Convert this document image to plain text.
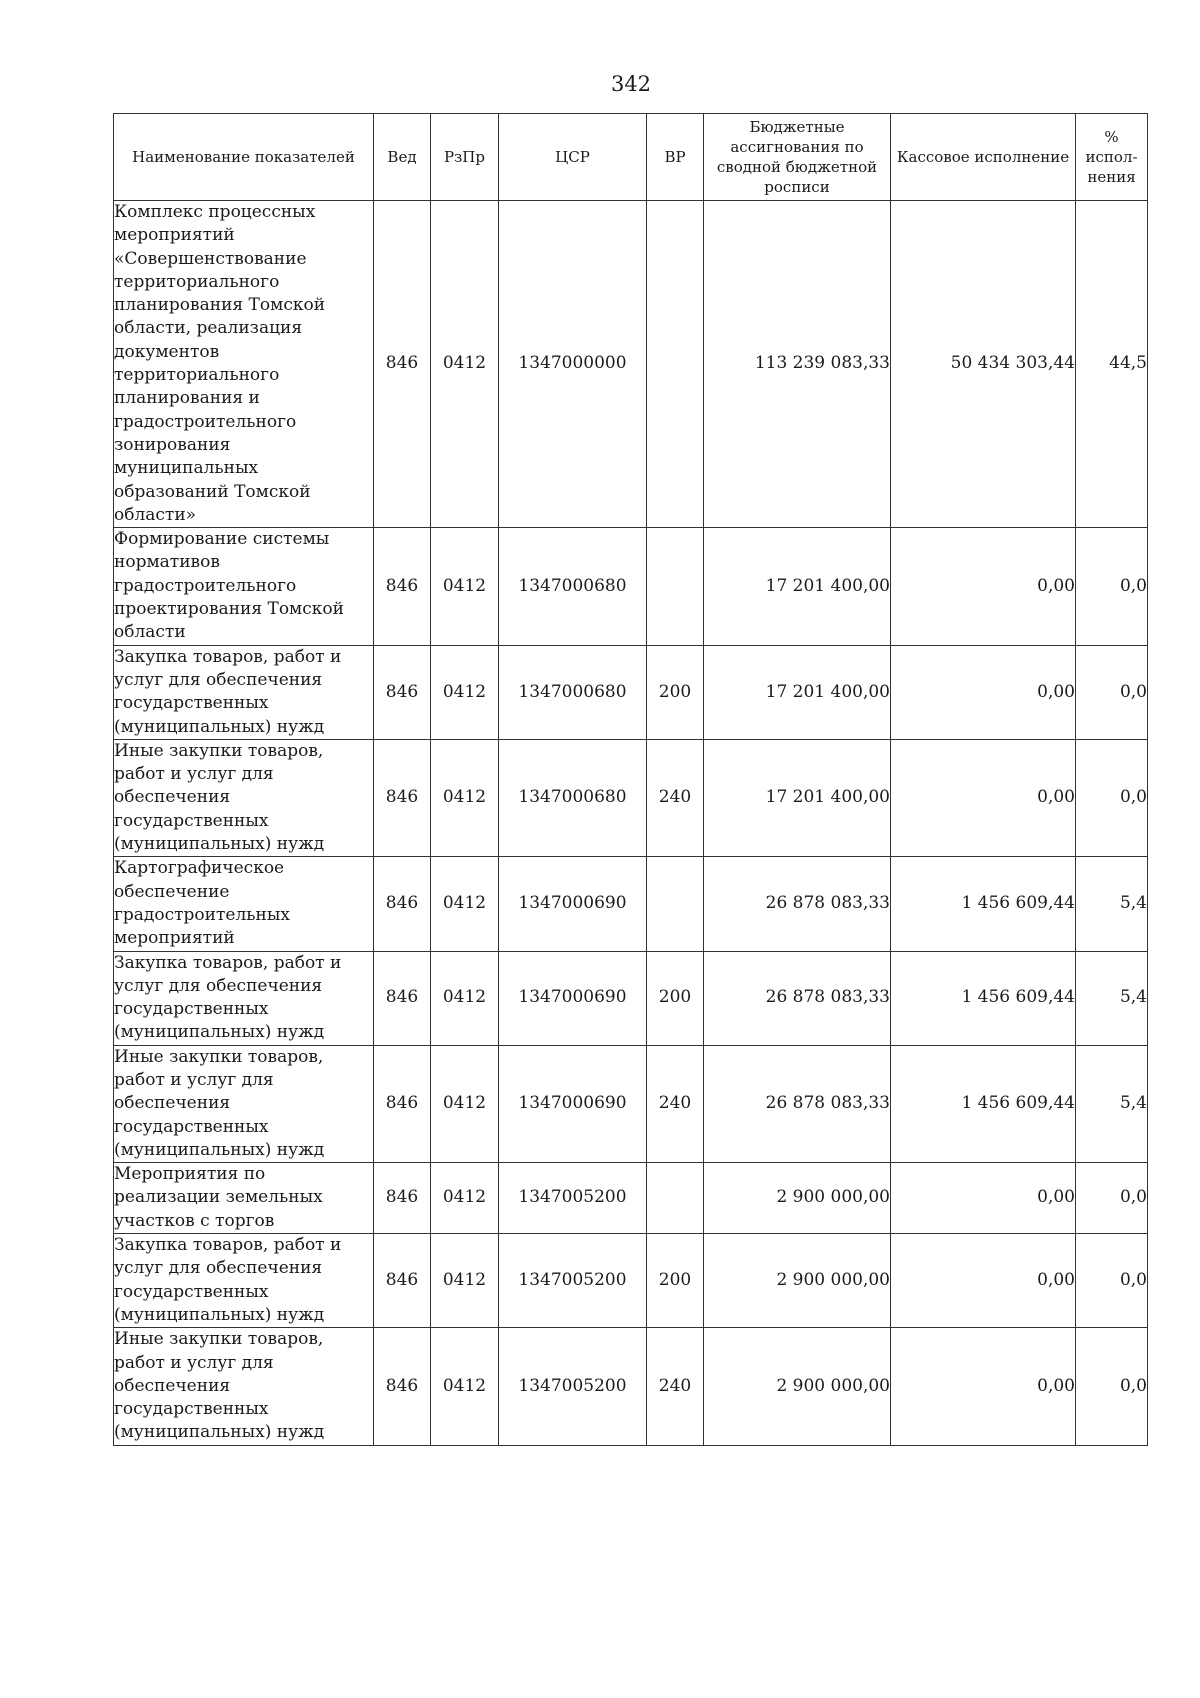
342
Наименование показателей	Вед	РзПр	ЦСР	ВР	Бюджетные ассигнования по сводной бюджетной росписи	Кассовое исполнение	% испол-нения
Комплекс процессных мероприятий «Совершенствование территориального планирования Томской области, реализация документов территориального планирования и градостроительного зонирования муниципальных образований Томской области»	846	0412	1347000000		113 239 083,33	50 434 303,44	44,5
Формирование системы нормативов градостроительного проектирования Томской области	846	0412	1347000680		17 201 400,00	0,00	0,0
Закупка товаров, работ и услуг для обеспечения государственных (муниципальных) нужд	846	0412	1347000680	200	17 201 400,00	0,00	0,0
Иные закупки товаров, работ и услуг для обеспечения государственных (муниципальных) нужд	846	0412	1347000680	240	17 201 400,00	0,00	0,0
Картографическое обеспечение градостроительных мероприятий	846	0412	1347000690		26 878 083,33	1 456 609,44	5,4
Закупка товаров, работ и услуг для обеспечения государственных (муниципальных) нужд	846	0412	1347000690	200	26 878 083,33	1 456 609,44	5,4
Иные закупки товаров, работ и услуг для обеспечения государственных (муниципальных) нужд	846	0412	1347000690	240	26 878 083,33	1 456 609,44	5,4
Мероприятия по реализации земельных участков с торгов	846	0412	1347005200		2 900 000,00	0,00	0,0
Закупка товаров, работ и услуг для обеспечения государственных (муниципальных) нужд	846	0412	1347005200	200	2 900 000,00	0,00	0,0
Иные закупки товаров, работ и услуг для обеспечения государственных (муниципальных) нужд	846	0412	1347005200	240	2 900 000,00	0,00	0,0
